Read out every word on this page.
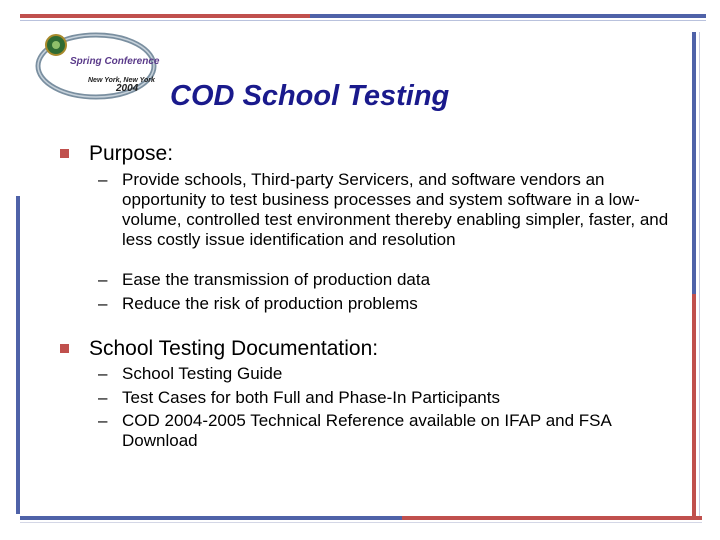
Spring Conference
New York, New York
2004 COD School Testing
Purpose:
– Provide schools, Third-party Servicers, and software vendors an opportunity to test business processes and system software in a low-volume, controlled test environment thereby enabling simpler, faster, and less costly issue identification and resolution
– Ease the transmission of production data
– Reduce the risk of production problems
School Testing Documentation:
– School Testing Guide
– Test Cases for both Full and Phase-In Participants
– COD 2004-2005 Technical Reference available on IFAP and FSA Download
